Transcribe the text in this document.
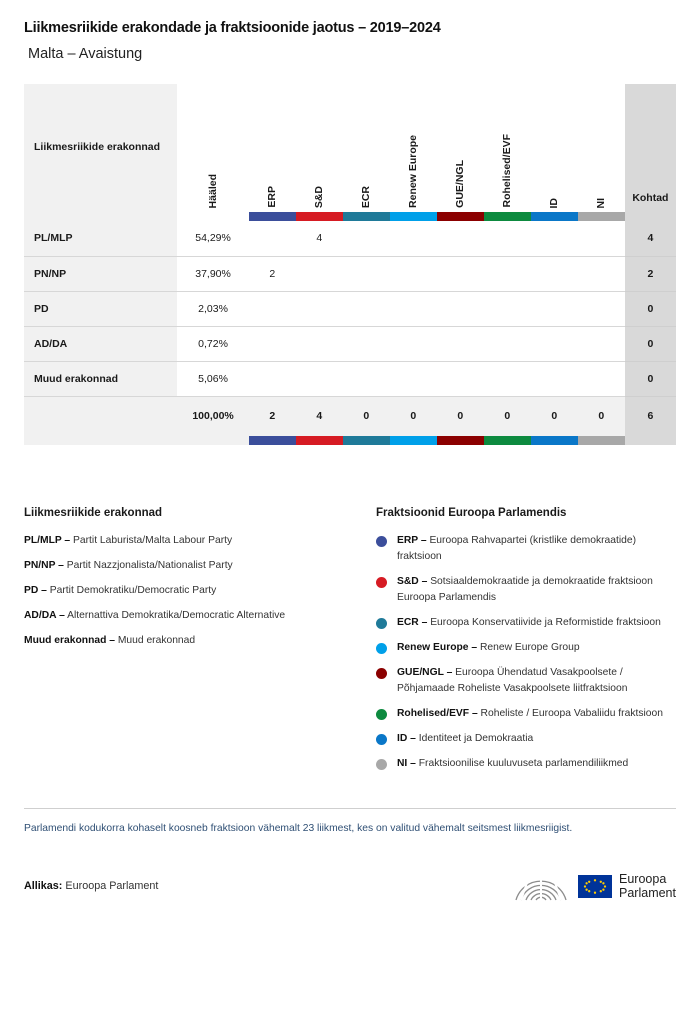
Liikmesriikide erakondade ja fraktsioonide jaotus – 2019–2024
Malta – Avaistung
Liikmesriikide erakonnad	Hääled	ERP	S&D	ECR	Renew Europe	GUE/NGL	Rohelised/EVF	ID	NI	Kohtad

PL/MLP	54,29%		4							4
PN/NP	37,90%	2								2
PD	2,03%									0
AD/DA	0,72%									0
Muud erakonnad	5,06%									0
	100,00%	2	4	0	0	0	0	0	0	6

Liikmesriikide erakonnad
PL/MLP – Partit Laburista/Malta Labour Party
PN/NP – Partit Nazzjonalista/Nationalist Party
PD – Partit Demokratiku/Democratic Party
AD/DA – Alternattiva Demokratika/Democratic Alternative
Muud erakonnad – Muud erakonnad
Fraktsioonid Euroopa Parlamendis
ERP – Euroopa Rahvapartei (kristlike demokraatide) fraktsioon
S&D – Sotsiaaldemokraatide ja demokraatide fraktsioon Euroopa Parlamendis
ECR – Euroopa Konservatiivide ja Reformistide fraktsioon
Renew Europe – Renew Europe Group
GUE/NGL – Euroopa Ühendatud Vasakpoolsete / Põhjamaade Roheliste Vasakpoolsete liitfraktsioon
Rohelised/EVF – Roheliste / Euroopa Vabaliidu fraktsioon
ID – Identiteet ja Demokraatia
NI – Fraktsioonilise kuuluvuseta parlamendiliikmed
Parlamendi kodukorra kohaselt koosneb fraktsioon vähemalt 23 liikmest, kes on valitud vähemalt seitsmest liikmesriigist.
Allikas: Euroopa Parlament
Euroopa
Parlament
